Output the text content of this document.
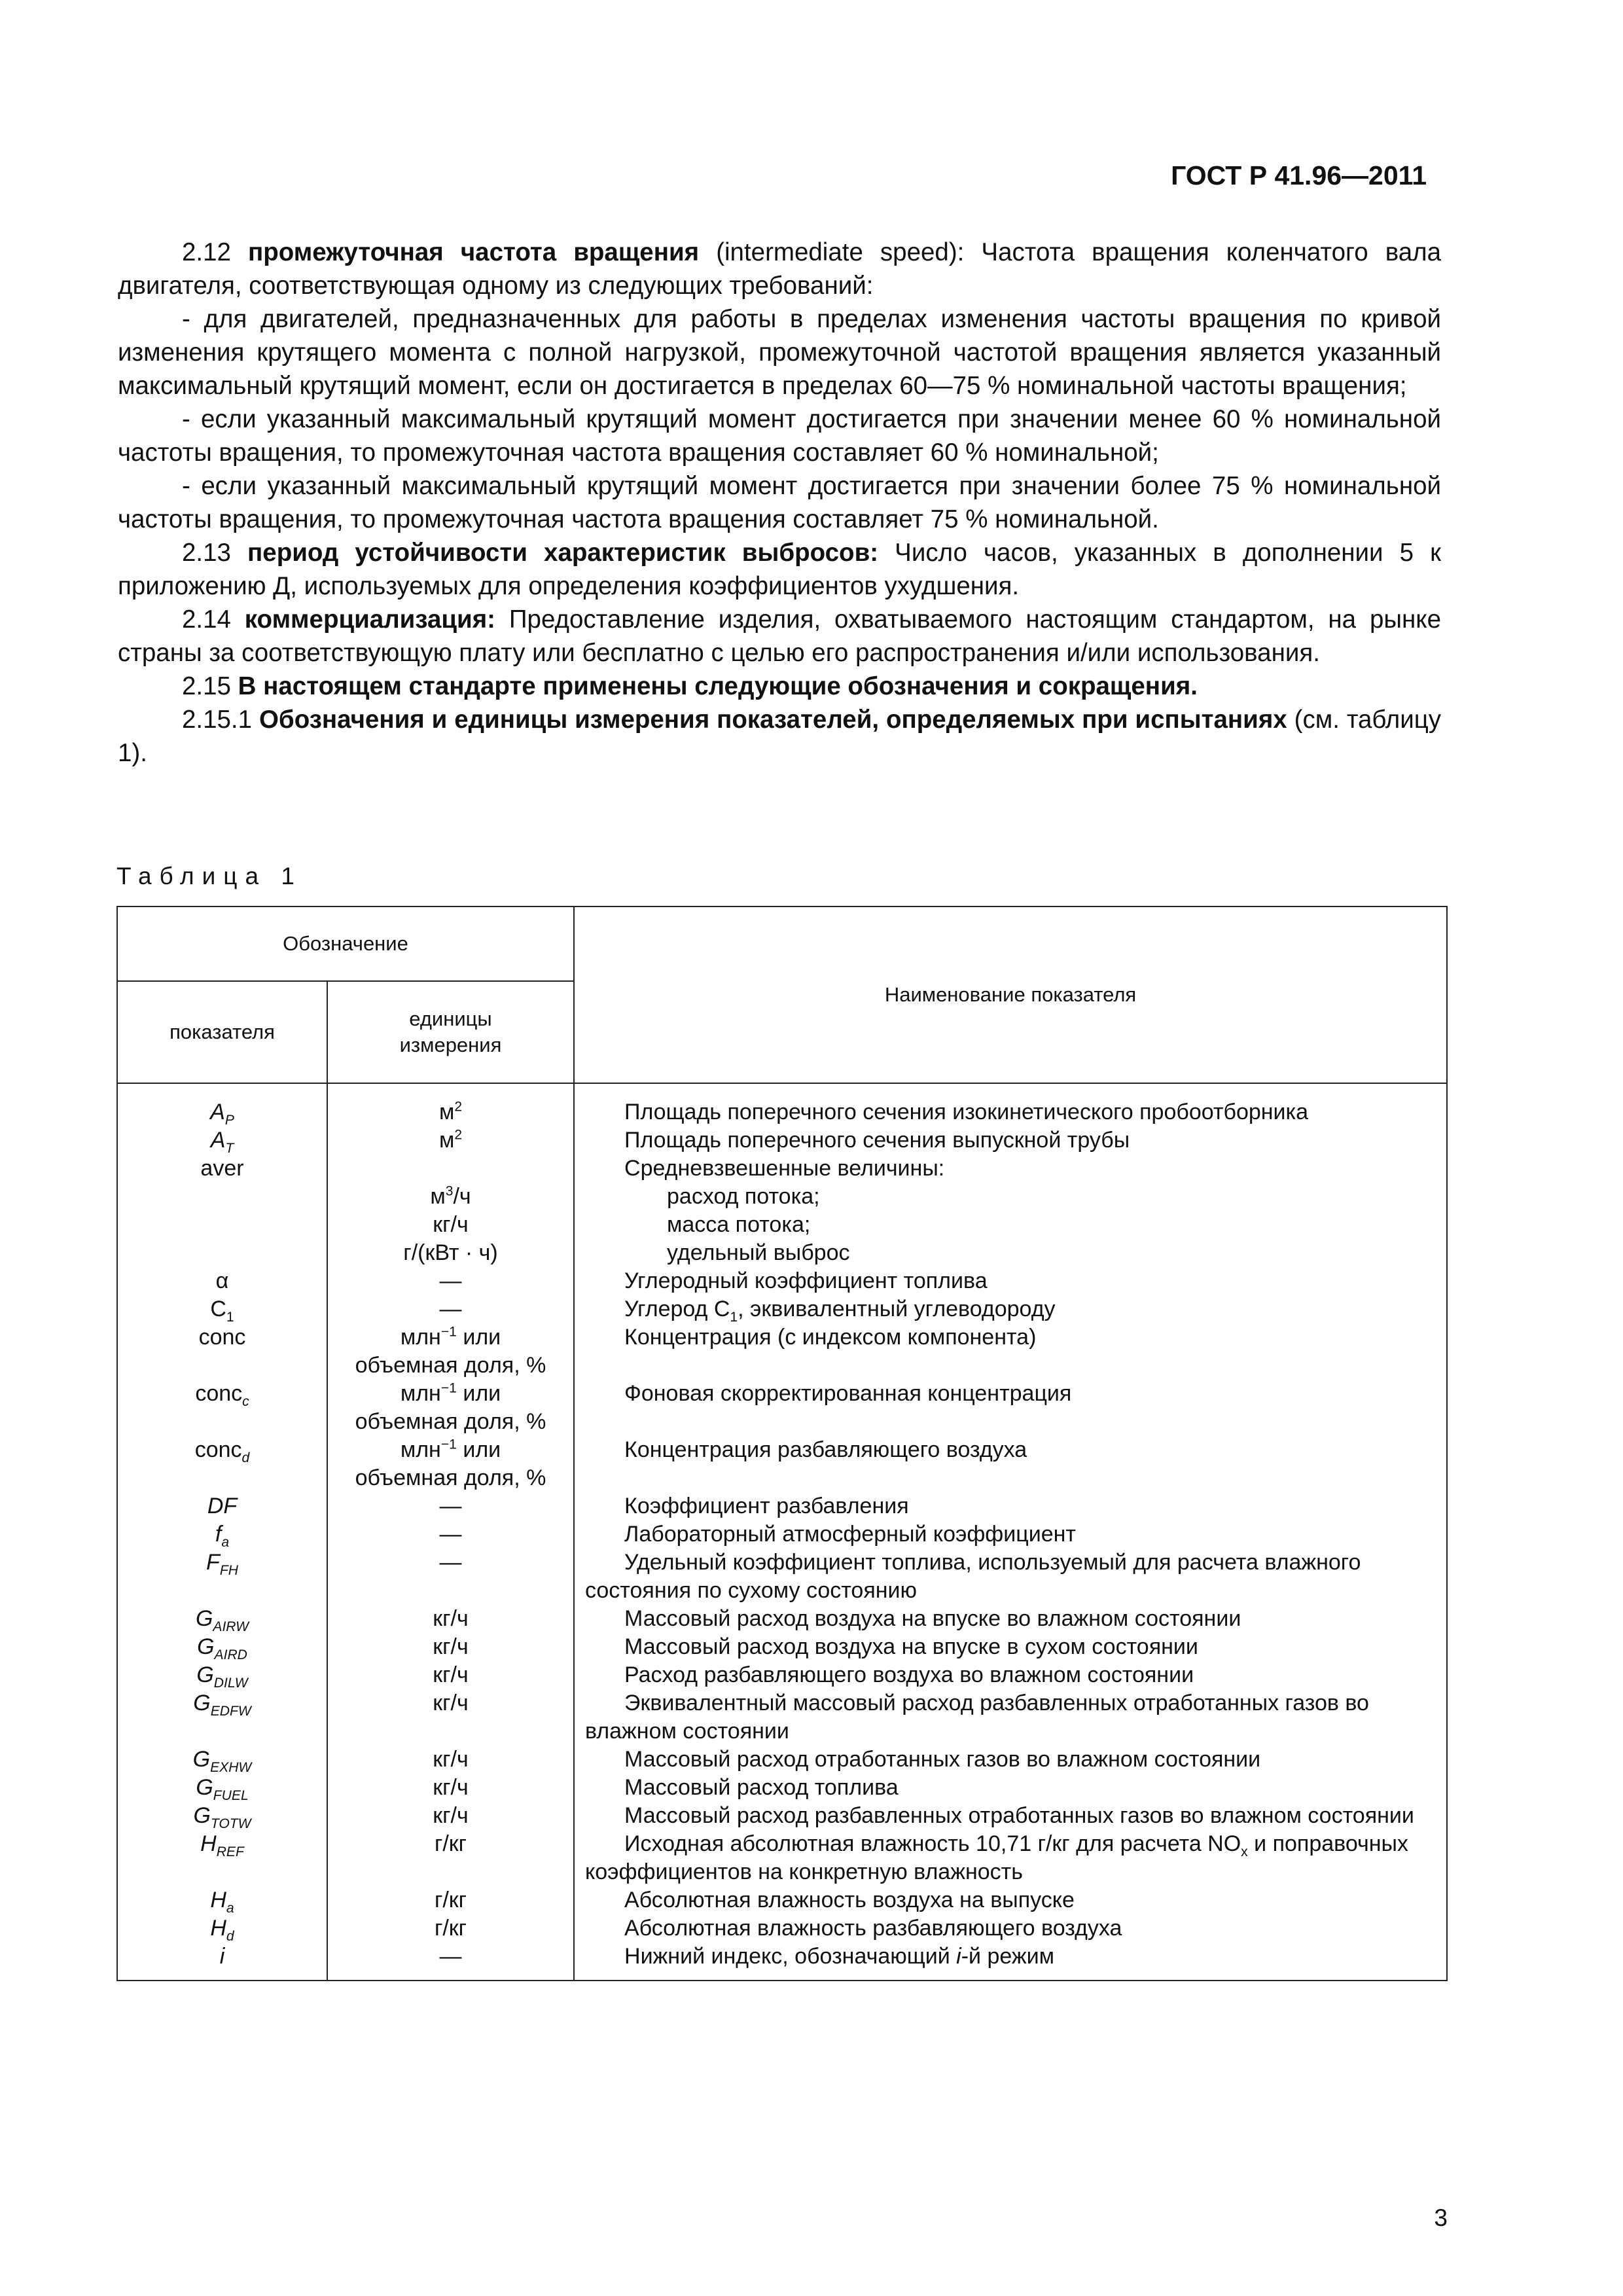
ГОСТ Р 41.96—2011

2.12 промежуточная частота вращения (intermediate speed): Частота вращения коленчатого вала двигателя, соответствующая одному из следующих требований:

- для двигателей, предназначенных для работы в пределах изменения частоты вращения по кривой изменения крутящего момента с полной нагрузкой, промежуточной частотой вращения является указанный максимальный крутящий момент, если он достигается в пределах 60—75 % номинальной частоты вращения;

- если указанный максимальный крутящий момент достигается при значении менее 60 % номинальной частоты вращения, то промежуточная частота вращения составляет 60 % номинальной;

- если указанный максимальный крутящий момент достигается при значении более 75 % номинальной частоты вращения, то промежуточная частота вращения составляет 75 % номинальной.

2.13 период устойчивости характеристик выбросов: Число часов, указанных в дополнении 5 к приложению Д, используемых для определения коэффициентов ухудшения.

2.14 коммерциализация: Предоставление изделия, охватываемого настоящим стандартом, на рынке страны за соответствующую плату или бесплатно с целью его распространения и/или использования.

2.15 В настоящем стандарте применены следующие обозначения и сокращения.

2.15.1 Обозначения и единицы измерения показателей, определяемых при испытаниях (см. таблицу 1).

Таблица 1
Обозначение		Наименование показателя
показателя	единицы
измерения	
$A_P$	$м^2$	Площадь поперечного сечения изокинетического пробоотборника

$A_T$	$м^2$	Площадь поперечного сечения выпускной трубы

aver		Средневзвешенные величины:

	$м^3/ч$	расход потока;

	кг/ч	масса потока;

	г/(кВт · ч)	удельный выброс

α	—	Углеродный коэффициент топлива

$C_1$	—	Углерод $C_1$, эквивалентный углеводороду

conc	млн$^{-1}$ или
объемная доля, %	Концентрация (с индексом компонента)

conc$_c$	млн$^{-1}$ или
объемная доля, %	Фоновая скорректированная концентрация

conc$_d$	млн$^{-1}$ или
объемная доля, %	Концентрация разбавляющего воздуха

DF	—	Коэффициент разбавления

$f_a$	—	Лабораторный атмосферный коэффициент

$F_{FH}$	—	Удельный коэффициент топлива, используемый для расчета влажного состояния по сухому состоянию

$G_{AIRW}$	кг/ч	Массовый расход воздуха на впуске во влажном состоянии

$G_{AIRD}$	кг/ч	Массовый расход воздуха на впуске в сухом состоянии

$G_{DILW}$	кг/ч	Расход разбавляющего воздуха во влажном состоянии

$G_{EDFW}$	кг/ч	Эквивалентный массовый расход разбавленных отработанных газов во влажном состоянии

$G_{EXHW}$	кг/ч	Массовый расход отработанных газов во влажном состоянии

$G_{FUEL}$	кг/ч	Массовый расход топлива

$G_{TOTW}$	кг/ч	Массовый расход разбавленных отработанных газов во влажном состоянии

$H_{REF}$	г/кг	Исходная абсолютная влажность 10,71 г/кг для расчета $NO_x$ и поправочных коэффициентов на конкретную влажность

$H_a$	г/кг	Абсолютная влажность воздуха на выпуске

$H_d$	г/кг	Абсолютная влажность разбавляющего воздуха

i	—	Нижний индекс, обозначающий i-й режим
3
